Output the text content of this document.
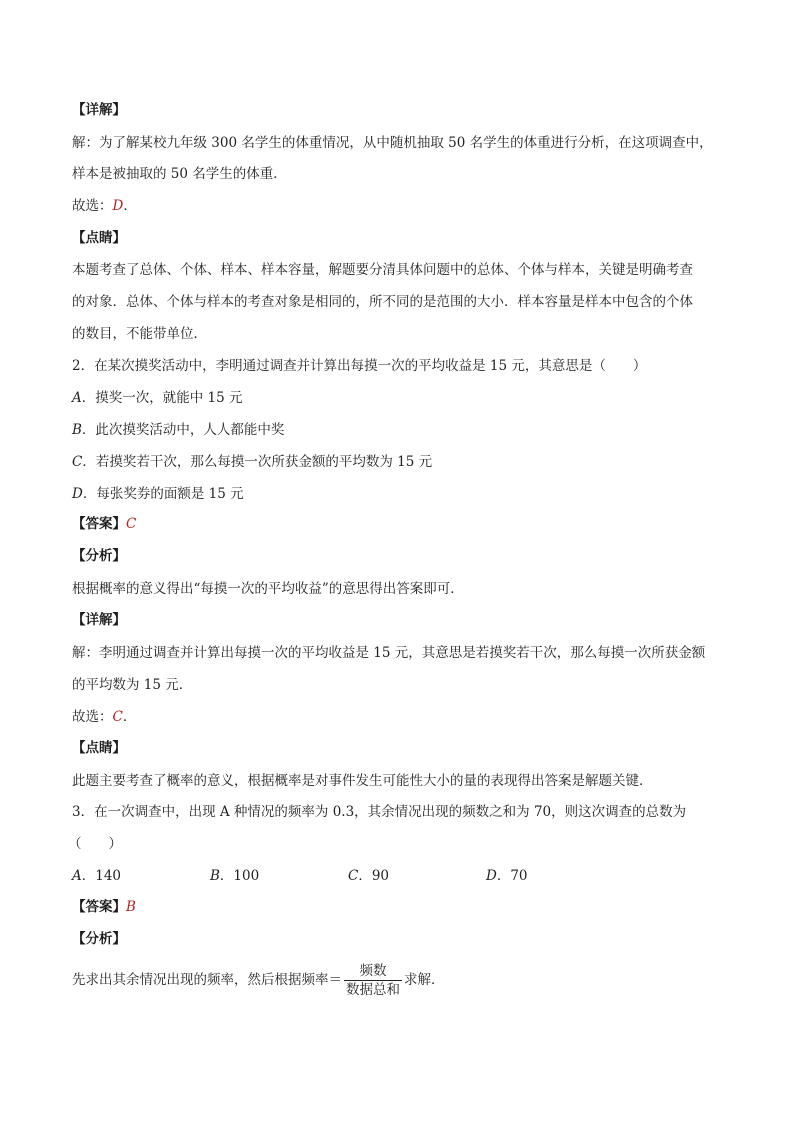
【详解】
解：为了解某校九年级 300 名学生的体重情况，从中随机抽取 50 名学生的体重进行分析，在这项调查中，
样本是被抽取的 50 名学生的体重．
故选：D．
【点睛】
本题考查了总体、个体、样本、样本容量，解题要分清具体问题中的总体、个体与样本，关键是明确考查
的对象．总体、个体与样本的考查对象是相同的，所不同的是范围的大小．样本容量是样本中包含的个体
的数目，不能带单位．
2．在某次摸奖活动中，李明通过调查并计算出每摸一次的平均收益是 15 元，其意思是（　　）
A．摸奖一次，就能中 15 元
B．此次摸奖活动中，人人都能中奖
C．若摸奖若干次，那么每摸一次所获金额的平均数为 15 元
D．每张奖券的面额是 15 元
【答案】C
【分析】
根据概率的意义得出“每摸一次的平均收益”的意思得出答案即可．
【详解】
解：李明通过调查并计算出每摸一次的平均收益是 15 元，其意思是若摸奖若干次，那么每摸一次所获金额
的平均数为 15 元．
故选：C．
【点睛】
此题主要考查了概率的意义，根据概率是对事件发生可能性大小的量的表现得出答案是解题关键．
3．在一次调查中，出现 A 种情况的频率为 0.3，其余情况出现的频数之和为 70，则这次调查的总数为
（　　）
A．140	B．100	C．90	D．70
【答案】B
【分析】
先求出其余情况出现的频率，然后根据频率＝ $\frac{\text{频数}}{\text{数据总和}}$ 求解．
